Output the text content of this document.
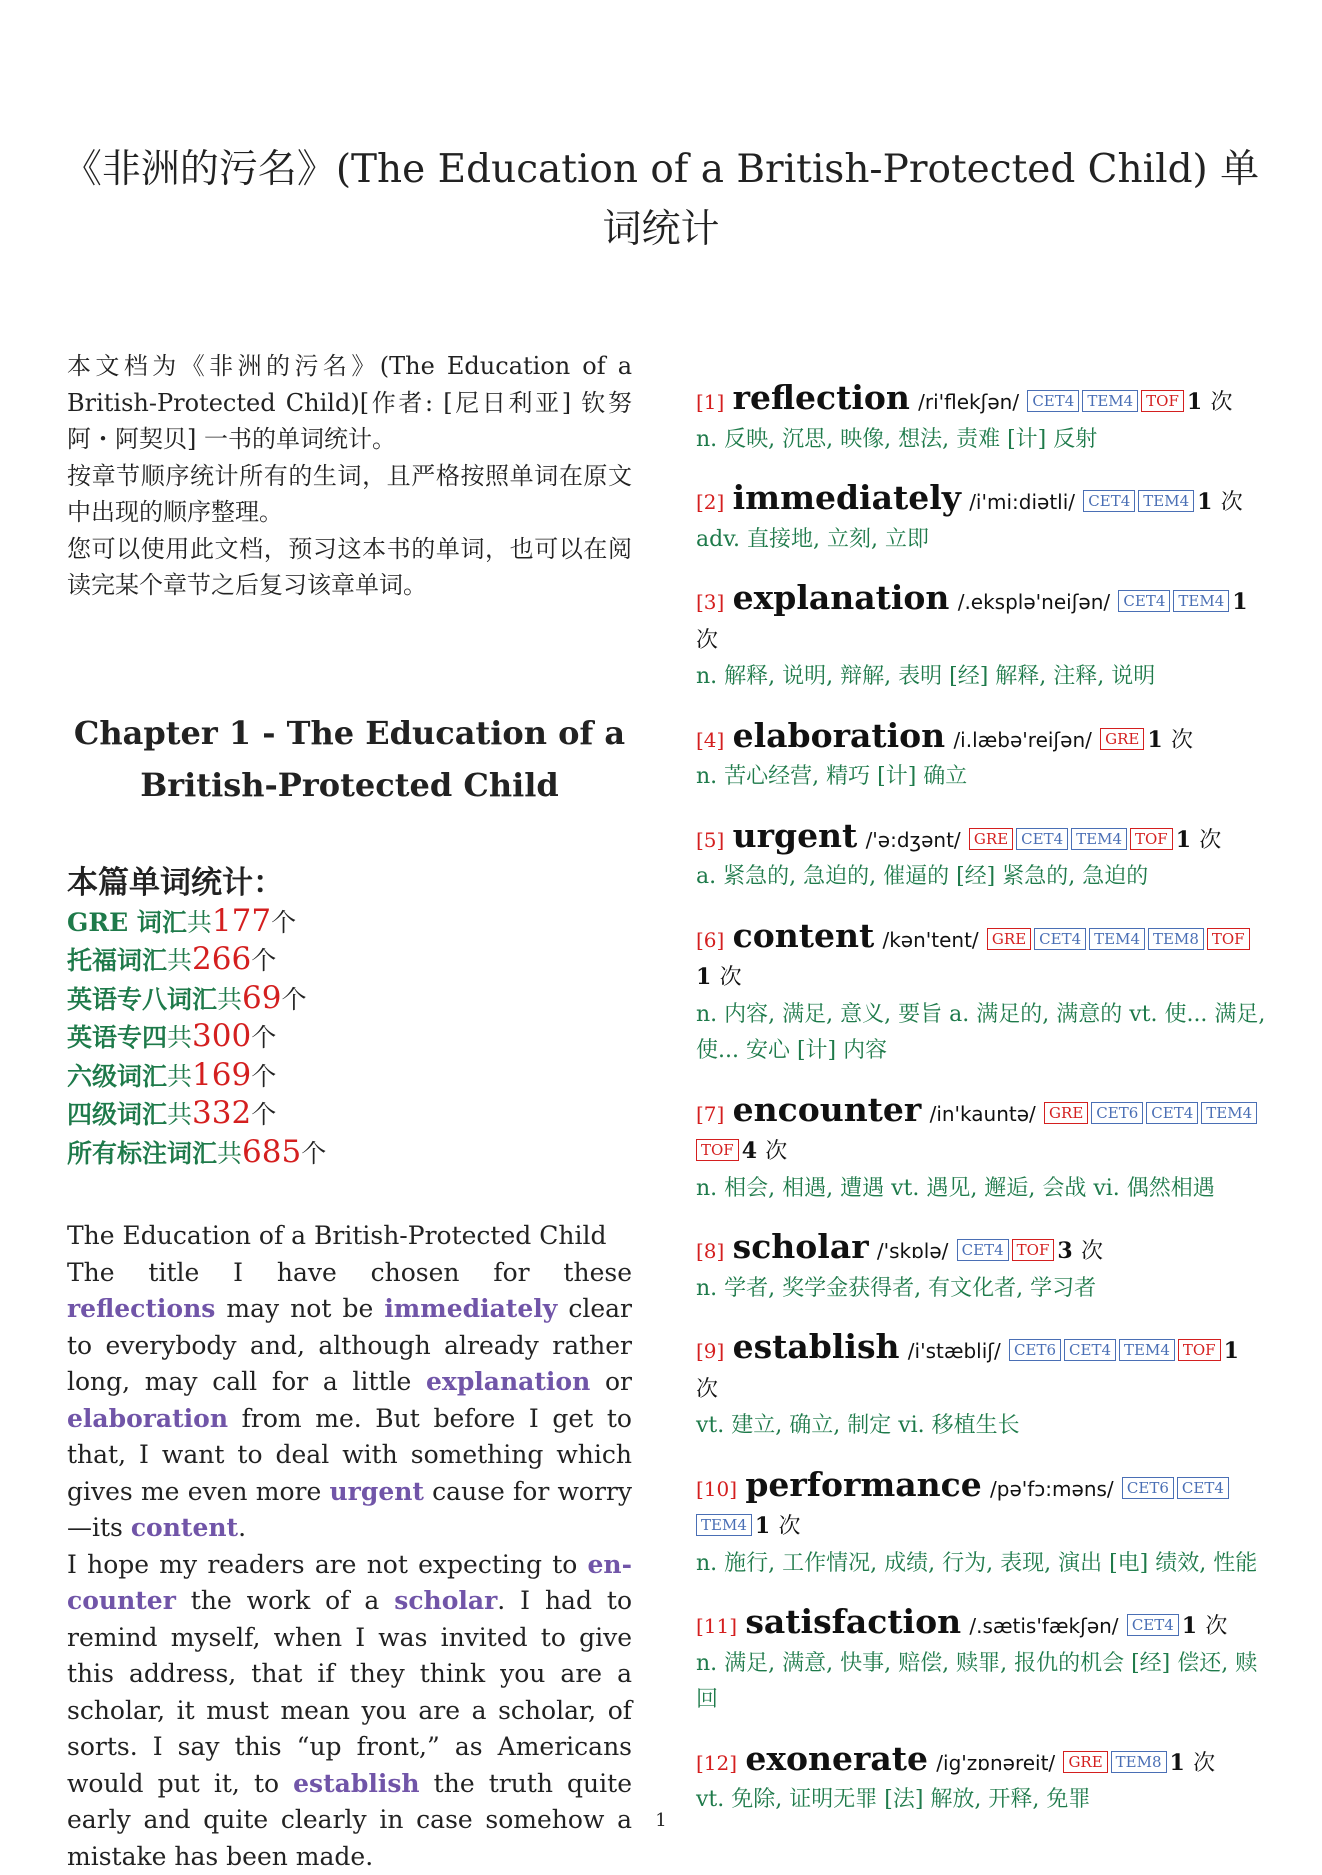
《非洲的污名》(The Education of a British-Protected Child) 单词统计

本文档为《非洲的污名》(The Education of a British-Protected Child)[作者: [尼日利亚] 钦努阿・阿契贝] 一书的单词统计。

按章节顺序统计所有的生词，且严格按照单词在原文中出现的顺序整理。

您可以使用此文档，预习这本书的单词，也可以在阅读完某个章节之后复习该章单词。

Chapter 1 - The Education of a British-Protected Child
本篇单词统计：
GRE 词汇共177个
托福词汇共266个
英语专八词汇共69个
英语专四共300个
六级词汇共169个
四级词汇共332个
所有标注词汇共685个

The Education of a British-Protected Child

The title I have chosen for these reflections may not be immediately clear to everybody and, although already rather long, may call for a little explanation or elaboration from me. But before I get to that, I want to deal with something which gives me even more urgent cause for worry—its content.

I hope my readers are not expecting to en-counter the work of a scholar. I had to remind myself, when I was invited to give this address, that if they think you are a scholar, it must mean you are a scholar, of sorts. I say this “up front,” as Americans would put it, to establish the truth quite early and quite clearly in case somehow a mistake has been made.

[1] reflection /ri'flekʃən/ CET4 TEM4 TOF 1 次
n. 反映, 沉思, 映像, 想法, 责难 [计] 反射
[2] immediately /i'mi:diətli/ CET4 TEM4 1 次
adv. 直接地, 立刻, 立即
[3] explanation /.eksplə'neiʃən/ CET4 TEM4 1 次
n. 解释, 说明, 辩解, 表明 [经] 解释, 注释, 说明
[4] elaboration /i.læbə'reiʃən/ GRE 1 次
n. 苦心经营, 精巧 [计] 确立
[5] urgent /'ə:dʒənt/ GRE CET4 TEM4 TOF 1 次
a. 紧急的, 急迫的, 催逼的 [经] 紧急的, 急迫的
[6] content /kən'tent/ GRE CET4 TEM4 TEM8 TOF1 次
n. 内容, 满足, 意义, 要旨 a. 满足的, 满意的 vt. 使... 满足, 使... 安心 [计] 内容
[7] encounter /in'kauntə/ GRE CET6 CET4 TEM4TOF 4 次
n. 相会, 相遇, 遭遇 vt. 遇见, 邂逅, 会战 vi. 偶然相遇
[8] scholar /'skɒlə/ CET4 TOF 3 次
n. 学者, 奖学金获得者, 有文化者, 学习者
[9] establish /i'stæbliʃ/ CET6 CET4 TEM4 TOF 1 次
vt. 建立, 确立, 制定 vi. 移植生长
[10] performance /pə'fɔ:məns/ CET6 CET4TEM4 1 次
n. 施行, 工作情况, 成绩, 行为, 表现, 演出 [电] 绩效, 性能
[11] satisfaction /.sætis'fækʃən/ CET4 1 次
n. 满足, 满意, 快事, 赔偿, 赎罪, 报仇的机会 [经] 偿还, 赎回
[12] exonerate /ig'zɒnəreit/ GRE TEM8 1 次
vt. 免除, 证明无罪 [法] 解放, 开释, 免罪
1
